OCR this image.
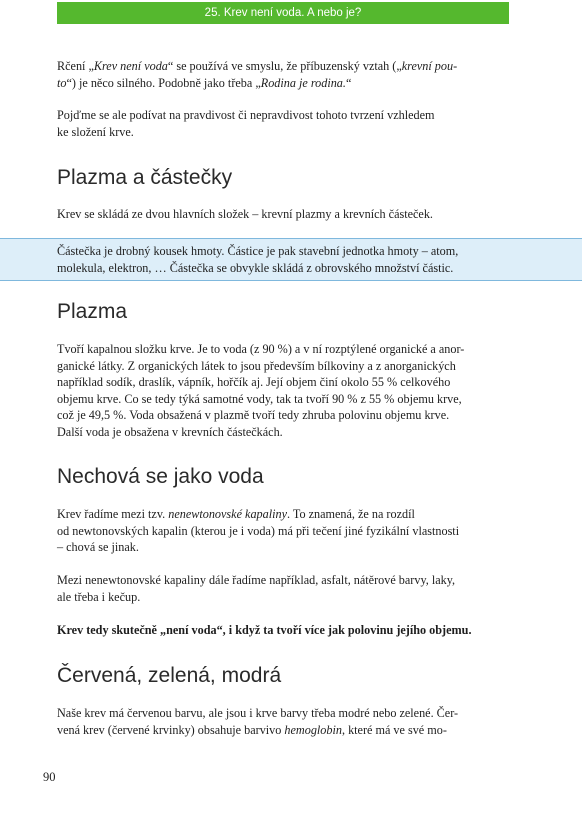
25. Krev není voda. A nebo je?

Rčení „Krev není voda“ se používá ve smyslu, že příbuzenský vztah („krevní pou-
to“) je něco silného. Podobně jako třeba „Rodina je rodina.“

Pojďme se ale podívat na pravdivost či nepravdivost tohoto tvrzení vzhledem
ke složení krve.

Plazma a částečky

Krev se skládá ze dvou hlavních složek – krevní plazmy a krevních částeček.

Částečka je drobný kousek hmoty. Částice je pak stavební jednotka hmoty – atom,
molekula, elektron, … Částečka se obvykle skládá z obrovského množství částic.

Plazma

Tvoří kapalnou složku krve. Je to voda (z 90 %) a v ní rozptýlené organické a anor-
ganické látky. Z organických látek to jsou především bílkoviny a z anorganických
například sodík, draslík, vápník, hořčík aj. Její objem činí okolo 55 % celkového
objemu krve. Co se tedy týká samotné vody, tak ta tvoří 90 % z 55 % objemu krve,
což je 49,5 %. Voda obsažená v plazmě tvoří tedy zhruba polovinu objemu krve.
Další voda je obsažena v krevních částečkách.

Nechová se jako voda

Krev řadíme mezi tzv. nenewtonovské kapaliny. To znamená, že na rozdíl
od newtonovských kapalin (kterou je i voda) má při tečení jiné fyzikální vlastnosti
– chová se jinak.

Mezi nenewtonovské kapaliny dále řadíme například, asfalt, nátěrové barvy, laky,
ale třeba i kečup.

Krev tedy skutečně „není voda“, i když ta tvoří více jak polovinu jejího objemu.

Červená, zelená, modrá

Naše krev má červenou barvu, ale jsou i krve barvy třeba modré nebo zelené. Čer-
vená krev (červené krvinky) obsahuje barvivo hemoglobin, které má ve své mo-

90
